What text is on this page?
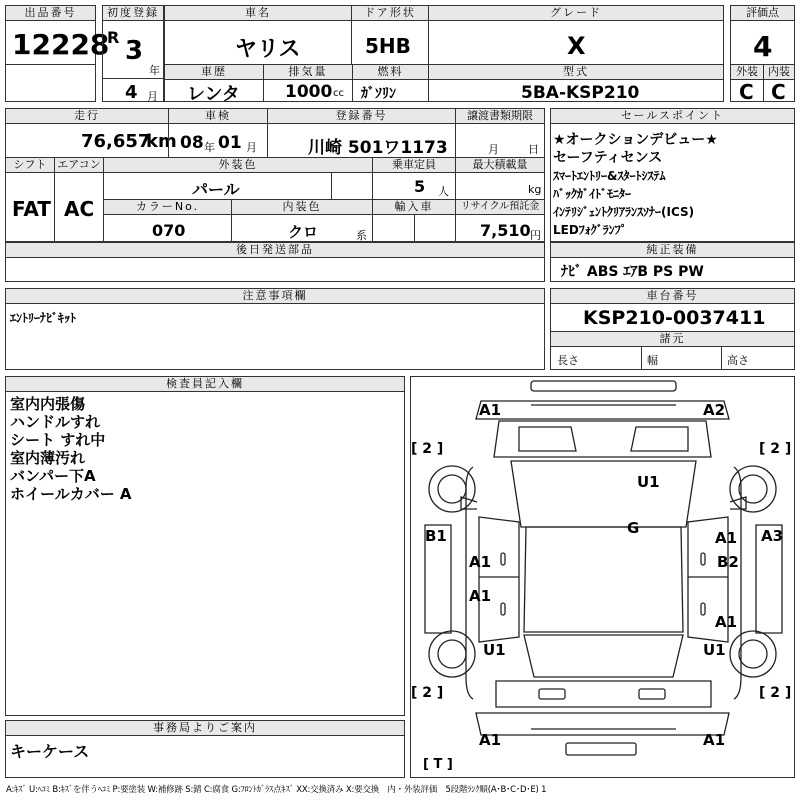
出品番号
12228
初度登録
R 3
年
4 月
車名
ヤリス
ドア形状
5HB
グレード
X
車歴
レンタ
排気量
1000 cc
燃料
ｶﾞｿﾘﾝ
型式
5BA-KSP210
評価点
4
外装 内装
C C
走行
76,657
km
車検
08 年 01 月
登録番号
川崎 501ワ1173
譲渡書類期限
月	日
シフト
FAT
エアコン
AC
外装色
パール
乗車定員
5 人
最大積載量
kg
カラーNo.
070
内装色
クロ	系
輸入車	リサイクル預託金
7,510 円
セールスポイント
★オークションデビュー★
セーフティセンス
ｽﾏｰﾄｴﾝﾄﾘｰ&ｽﾀｰﾄｼｽﾃﾑ
ﾊﾞｯｸｶﾞｲﾄﾞﾓﾆﾀｰ
ｲﾝﾃﾘｼﾞｪﾝﾄｸﾘｱﾗﾝｽｿﾅｰ(ICS)
LEDﾌｫｸﾞﾗﾝﾌﾟ
後日発送部品	純正装備
ﾅﾋﾞ ABS ｴｱB PS PW
注意事項欄
ｴﾝﾄﾘｰﾅﾋﾞｷｯﾄ
車台番号
KSP210-0037411
諸元
長さ	幅	高さ
検査員記入欄
室内内張傷
ハンドルすれ
シート すれ中
室内薄汚れ
バンパー下A
ホイールカバー A
事務局よりご案内
キーケース
A1	A2
U1
G
B1
A1
A1
U1
A1
B2
A3
A1
U1
A1	A1
[ 2 ]	[ 2 ]
[ 2 ]	[ 2 ]
[ T ]
A:ｷｽﾞ U:ﾍｺﾐ B:ｷｽﾞを伴うﾍｺﾐ P:要塗装 W:補修跡 S:錆 C:腐食 G:ﾌﾛﾝﾄｶﾞﾗｽ点ｷｽﾞ XX:交換済み X:要交換　内・外装評価　5段階ﾗﾝｸ順(A･B･C･D･E) 1
